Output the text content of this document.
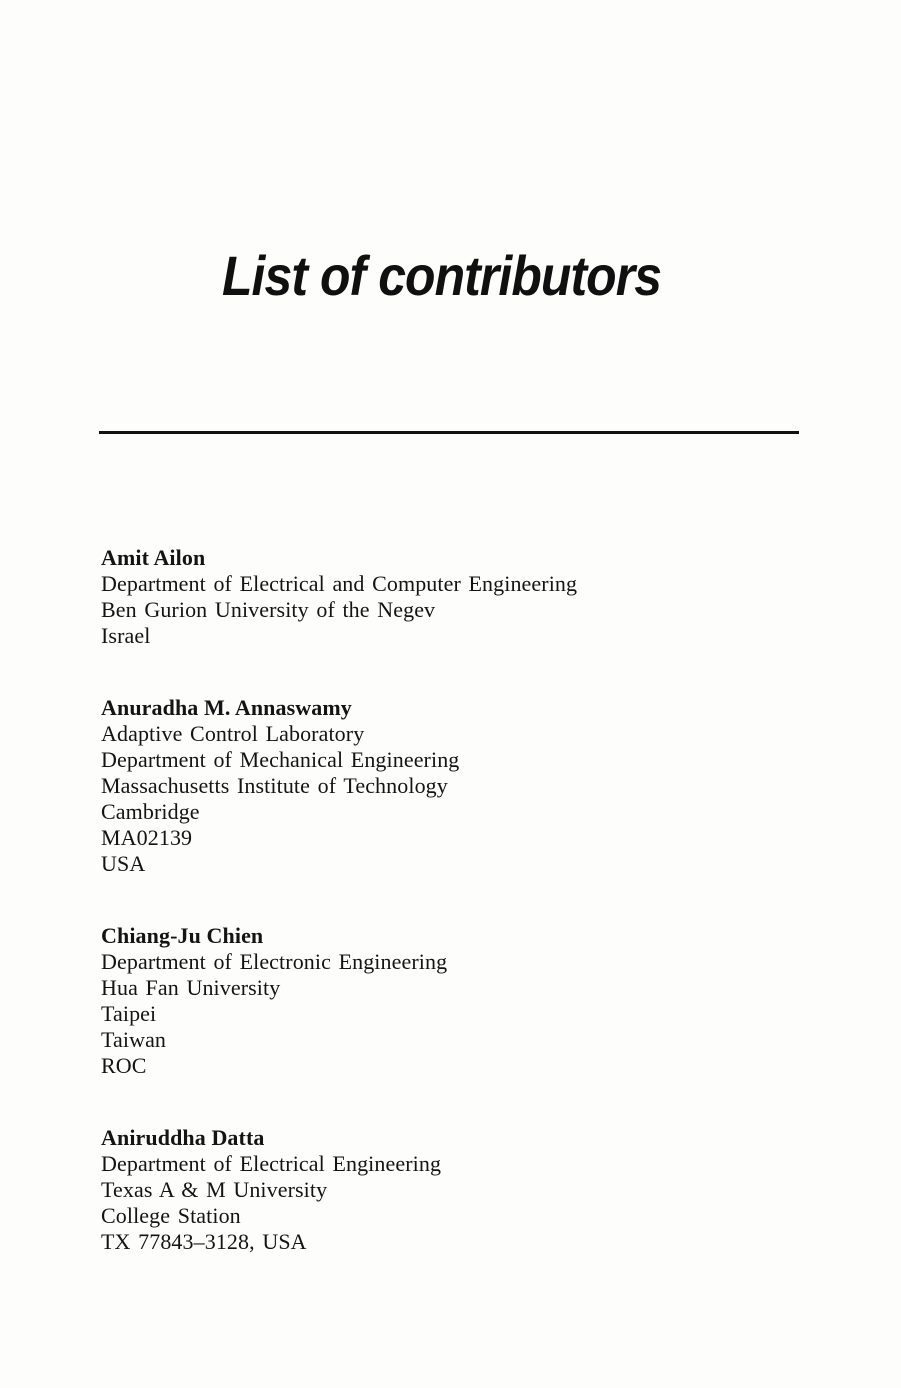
List of contributors
Amit Ailon
Department of Electrical and Computer Engineering
Ben Gurion University of the Negev
Israel
Anuradha M. Annaswamy
Adaptive Control Laboratory
Department of Mechanical Engineering
Massachusetts Institute of Technology
Cambridge
MA02139
USA
Chiang-Ju Chien
Department of Electronic Engineering
Hua Fan University
Taipei
Taiwan
ROC
Aniruddha Datta
Department of Electrical Engineering
Texas A & M University
College Station
TX 77843–3128, USA
